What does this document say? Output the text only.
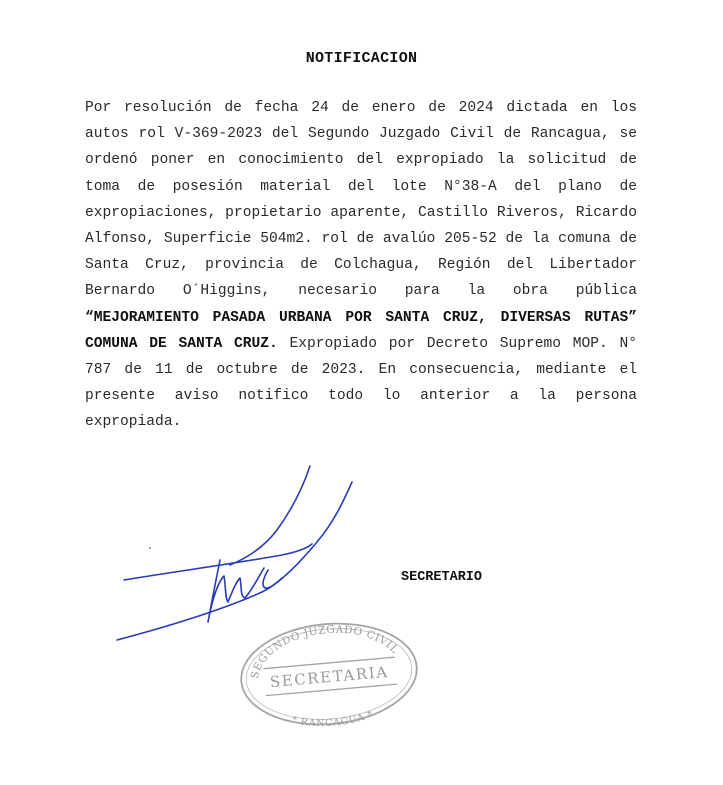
NOTIFICACION
Por resolución de fecha 24 de enero de 2024 dictada en los autos rol V-369-2023 del Segundo Juzgado Civil de Rancagua, se ordenó poner en conocimiento del expropiado la solicitud de toma de posesión material del lote N°38-A del plano de expropiaciones, propietario aparente, Castillo Riveros, Ricardo Alfonso, Superficie 504m2. rol de avalúo 205-52 de la comuna de Santa Cruz, provincia de Colchagua, Región del Libertador Bernardo O´Higgins, necesario para la obra pública “MEJORAMIENTO PASADA URBANA POR SANTA CRUZ, DIVERSAS RUTAS” COMUNA DE SANTA CRUZ. Expropiado por Decreto Supremo MOP. N° 787 de 11 de octubre de 2023. En consecuencia, mediante el presente aviso notifico todo lo anterior a la persona expropiada.
SECRETARIO
SEGUNDO JUZGADO CIVIL
SECRETARIA
* RANCAGUA *
